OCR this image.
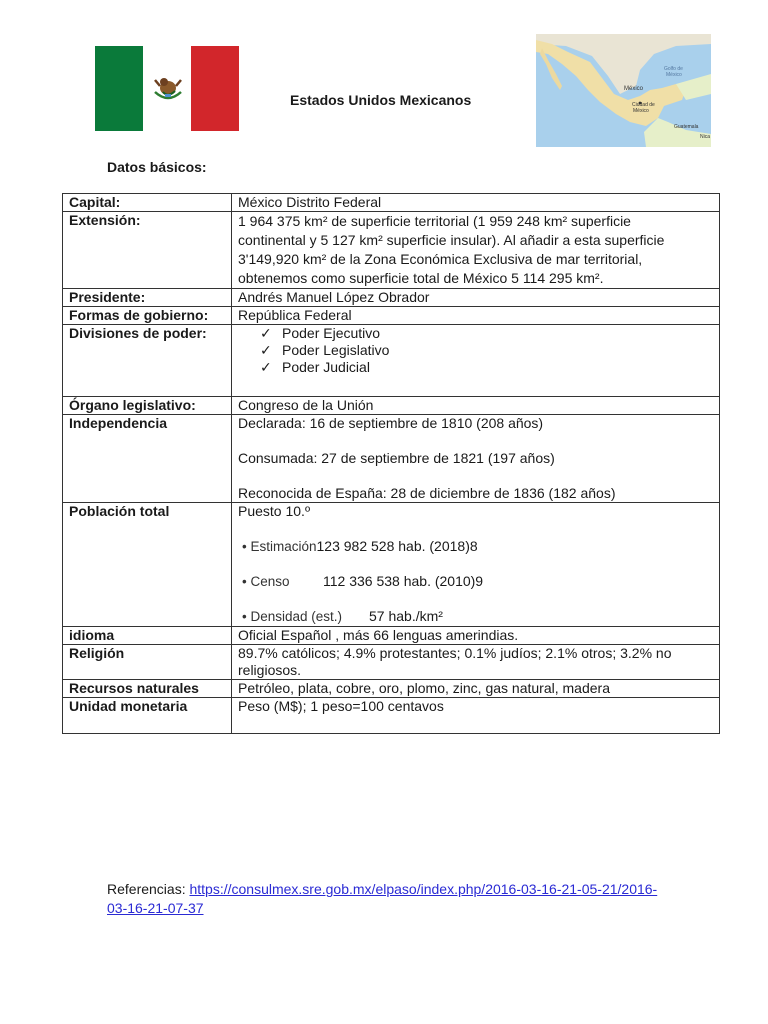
Estados Unidos Mexicanos
Golfo de
México
México
Ciudad de
México
Guatemala
Nica
Datos básicos:
Capital:	México Distrito Federal
Extensión:	1 964 375 km² de superficie territorial (1 959 248 km² superficie continental y 5 127 km² superficie insular). Al añadir a esta superficie 3'149,920 km² de la Zona Económica Exclusiva de mar territorial, obtenemos como superficie total de México 5 114 295 km².
Presidente:	Andrés Manuel López Obrador
Formas de gobierno:	República Federal
Divisiones de poder:	✓ Poder Ejecutivo
✓ Poder Legislativo
✓ Poder Judicial

Órgano legislativo:	Congreso de la Unión
Independencia	Declarada: 16 de septiembre de 1810 (208 años)
Consumada: 27 de septiembre de 1821 (197 años)
Reconocida de España: 28 de diciembre de 1836 (182 años)

Población total	Puesto 10.º
• Estimación123 982 528 hab. (2018)8
• Censo 112 336 538 hab. (2010)9
• Densidad (est.) 57 hab./km²

idioma	Oficial Español , más 66 lenguas amerindias.
Religión	89.7% católicos; 4.9% protestantes; 0.1% judíos; 2.1% otros; 3.2% no religiosos.
Recursos naturales	Petróleo, plata, cobre, oro, plomo, zinc, gas natural, madera
Unidad monetaria	Peso (M$); 1 peso=100 centavos
Referencias: https://consulmex.sre.gob.mx/elpaso/index.php/2016-03-16-21-05-21/2016-03-16-21-07-37
